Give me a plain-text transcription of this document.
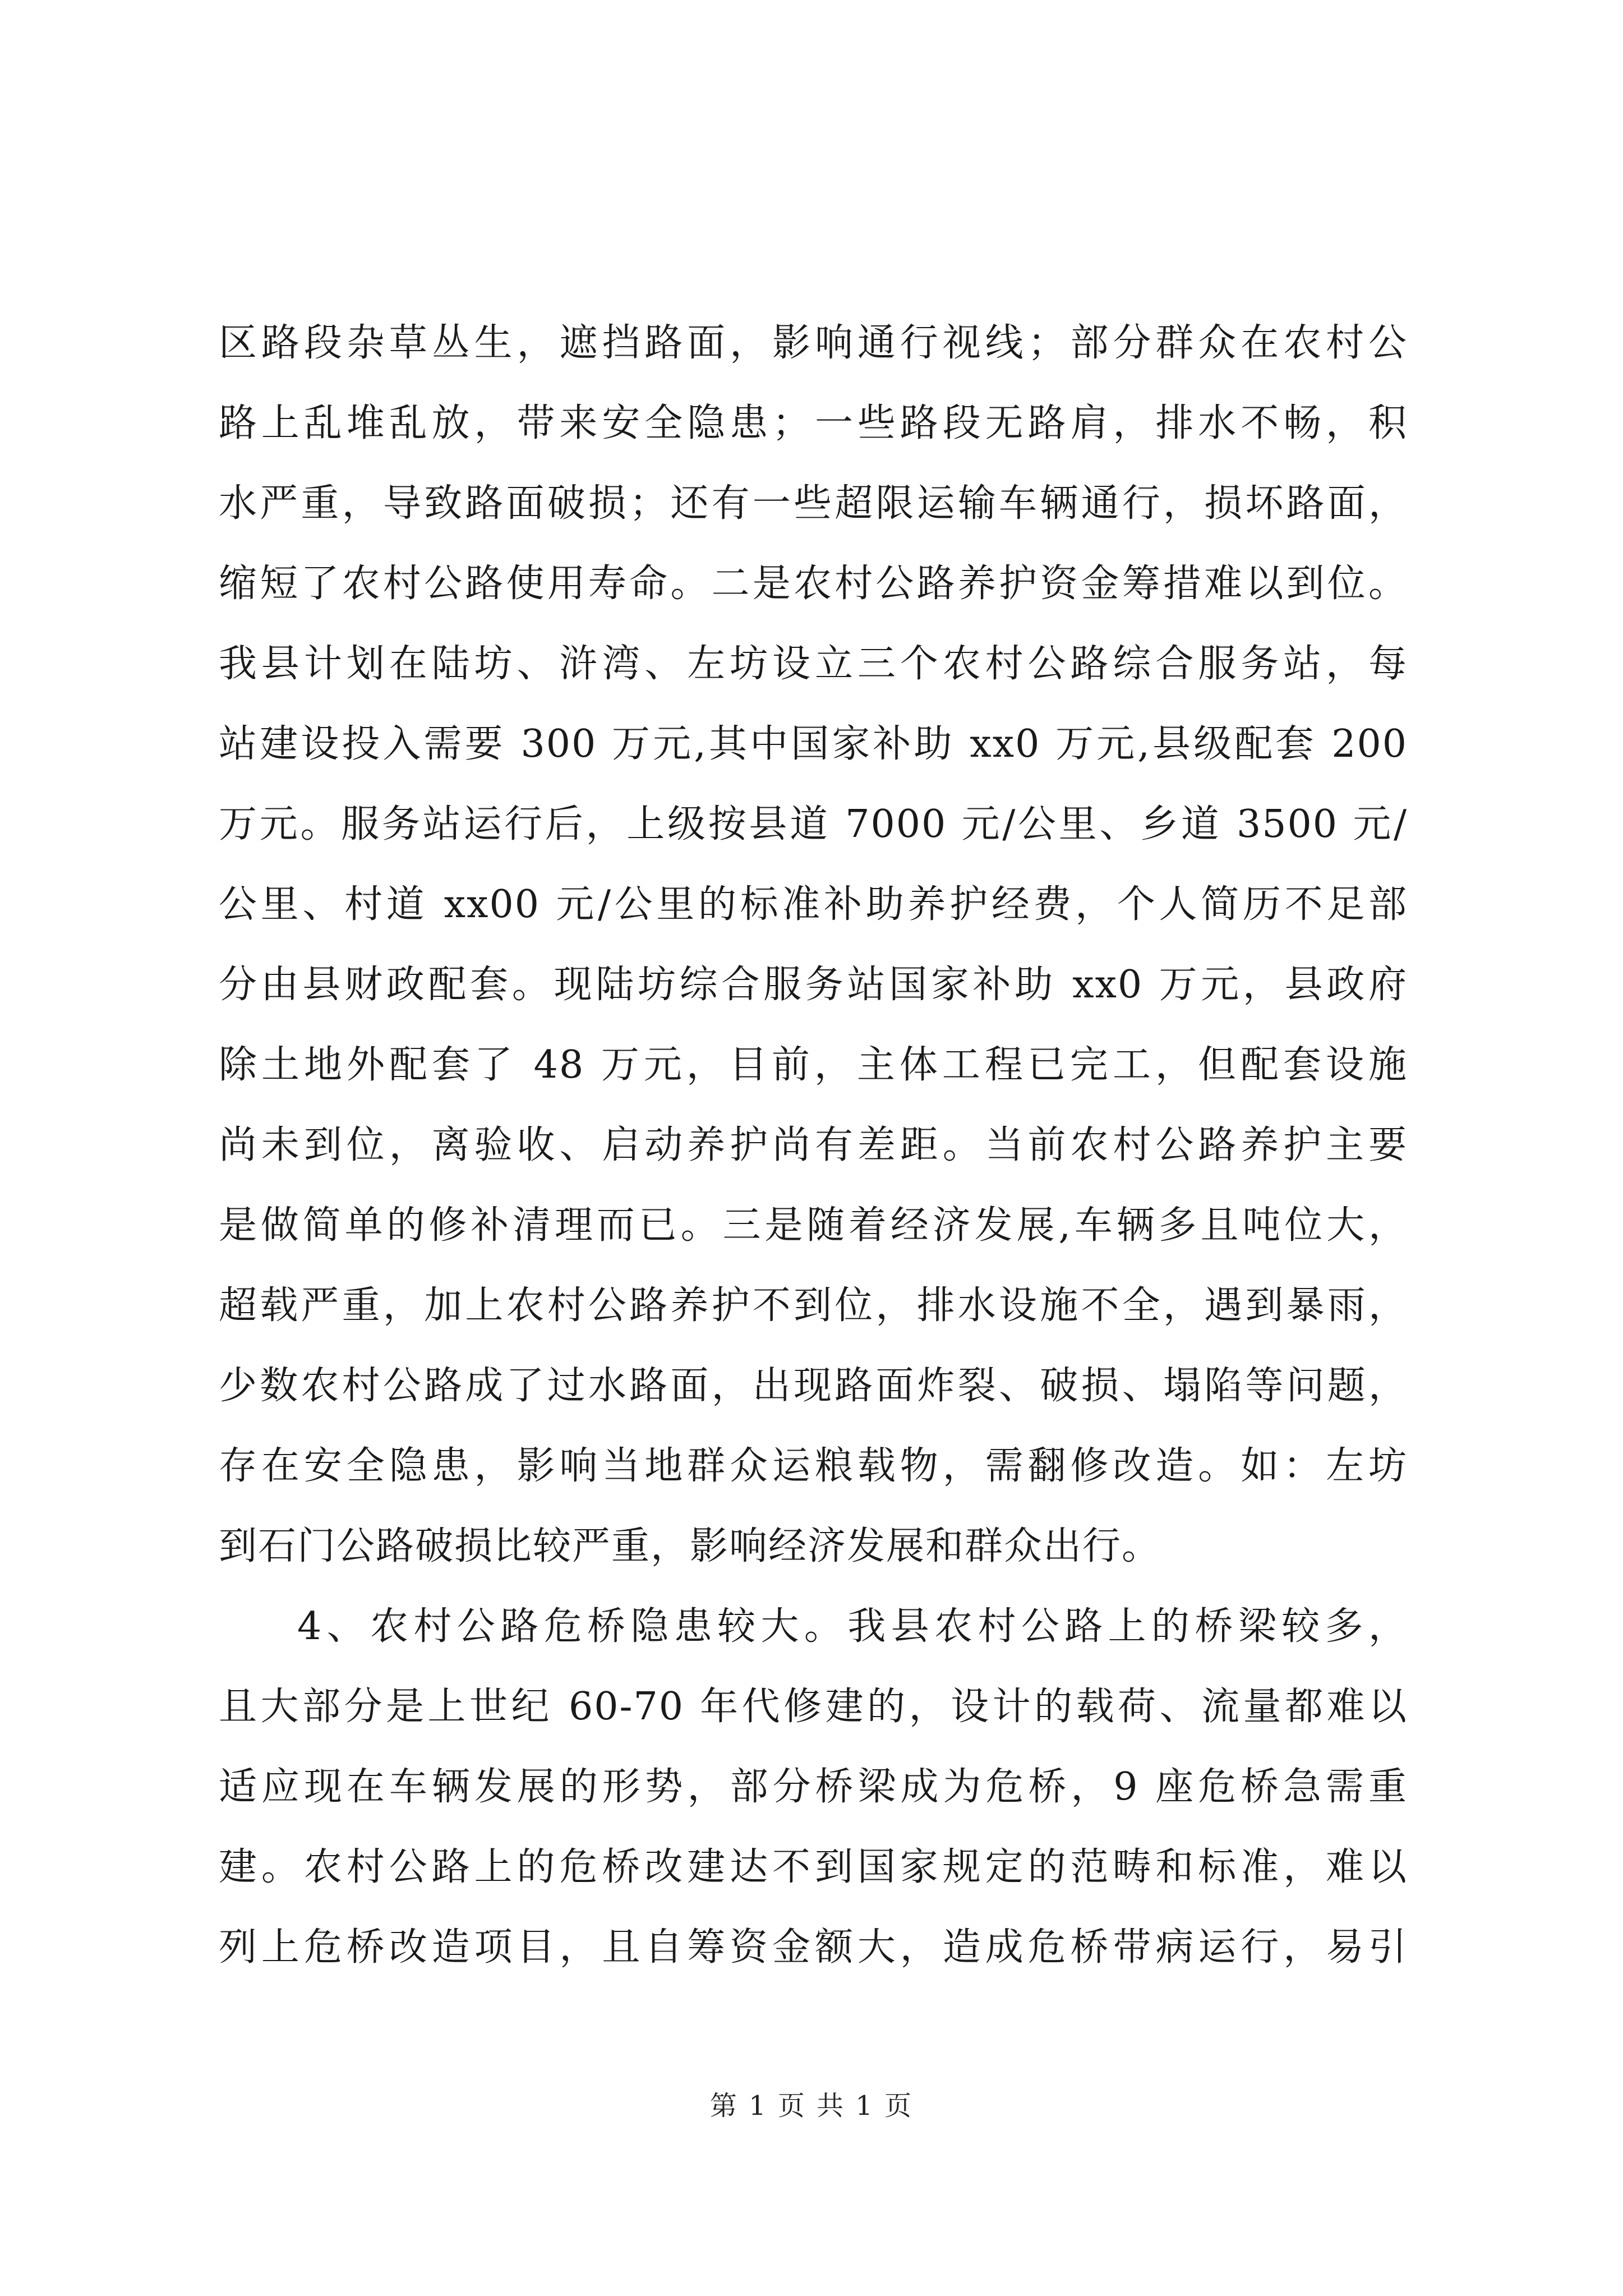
区路段杂草丛生，遮挡路面，影响通行视线；部分群众在农村公
路上乱堆乱放，带来安全隐患；一些路段无路肩，排水不畅，积
水严重，导致路面破损；还有一些超限运输车辆通行，损坏路面，
缩短了农村公路使用寿命。二是农村公路养护资金筹措难以到位。
我县计划在陆坊、浒湾、左坊设立三个农村公路综合服务站，每
站建设投入需要 300 万元,其中国家补助 xx0 万元,县级配套 200
万元。服务站运行后，上级按县道 7000 元/公里、乡道 3500 元/
公里、村道 xx00 元/公里的标准补助养护经费，个人简历不足部
分由县财政配套。现陆坊综合服务站国家补助 xx0 万元，县政府
除土地外配套了 48 万元，目前，主体工程已完工，但配套设施
尚未到位，离验收、启动养护尚有差距。当前农村公路养护主要
是做简单的修补清理而已。三是随着经济发展,车辆多且吨位大，
超载严重，加上农村公路养护不到位，排水设施不全，遇到暴雨，
少数农村公路成了过水路面，出现路面炸裂、破损、塌陷等问题，
存在安全隐患，影响当地群众运粮载物，需翻修改造。如：左坊
到石门公路破损比较严重，影响经济发展和群众出行。
4、农村公路危桥隐患较大。我县农村公路上的桥梁较多，
且大部分是上世纪 60-70 年代修建的，设计的载荷、流量都难以
适应现在车辆发展的形势，部分桥梁成为危桥，9 座危桥急需重
建。农村公路上的危桥改建达不到国家规定的范畴和标准，难以
列上危桥改造项目，且自筹资金额大，造成危桥带病运行，易引
第 1 页 共 1 页
